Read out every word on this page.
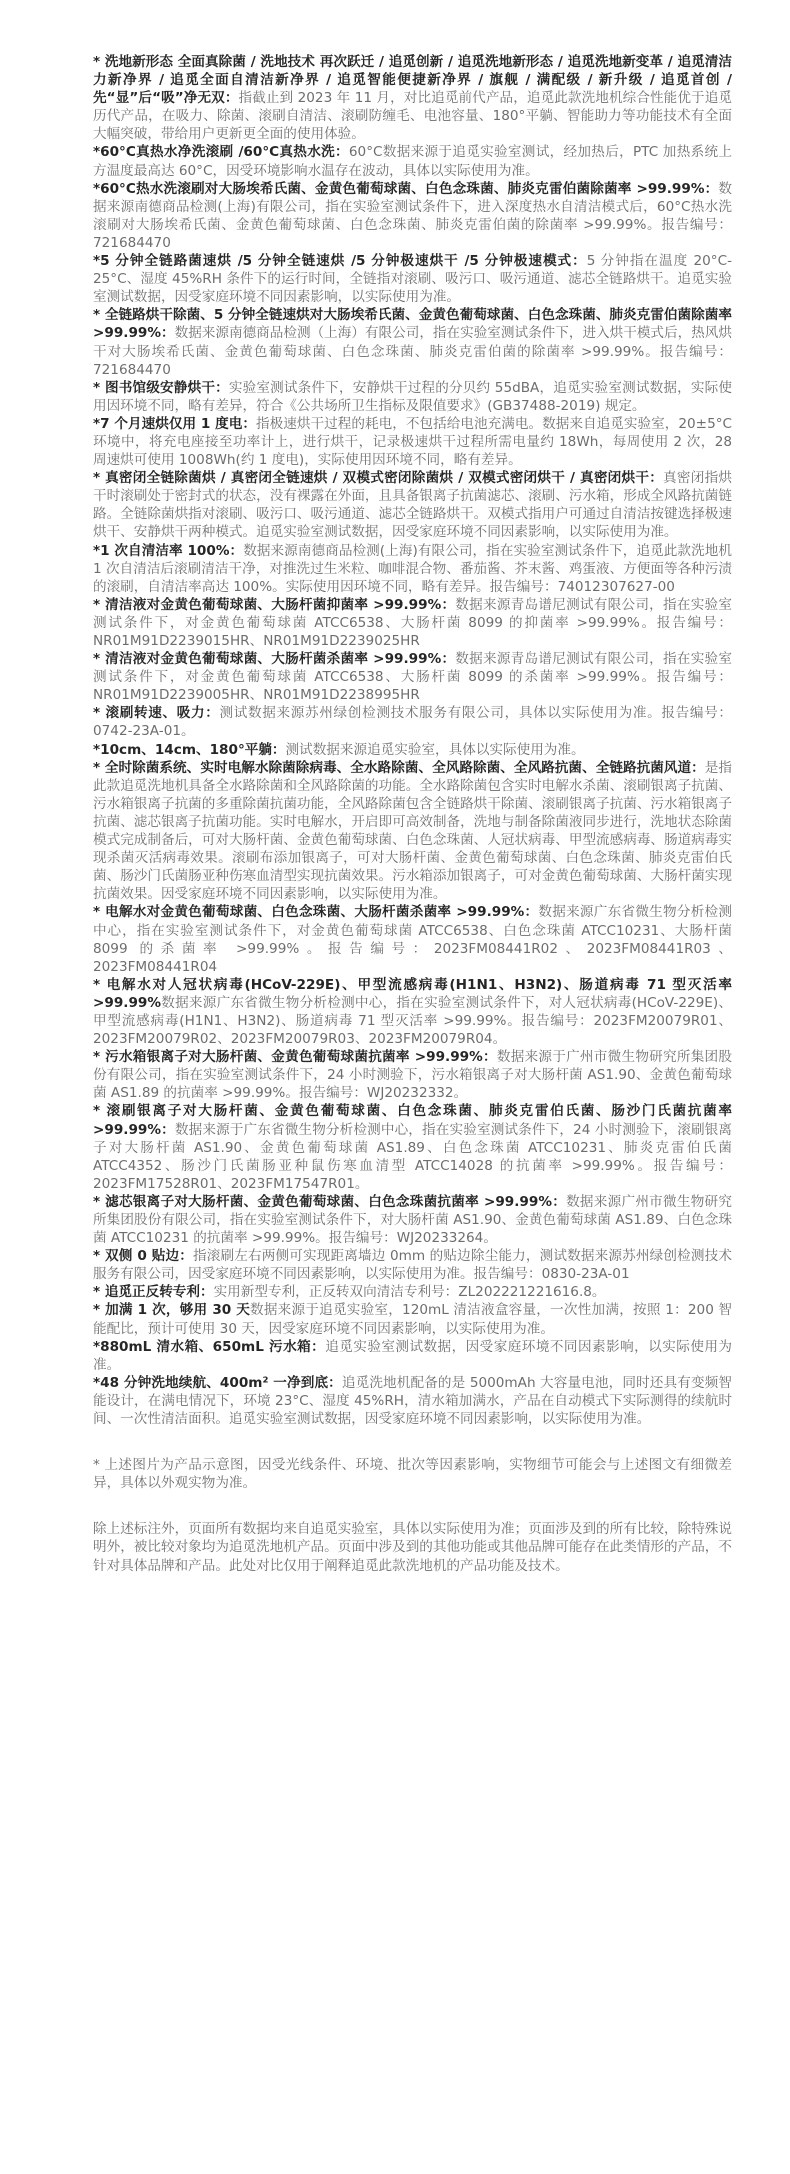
* 洗地新形态 全面真除菌 / 洗地技术 再次跃迁 / 追觅创新 / 追觅洗地新形态 / 追觅洗地新变革 / 追觅清洁力新净界 / 追觅全面自清洁新净界 / 追觅智能便捷新净界 / 旗舰 / 满配级 / 新升级 / 追觅首创 / 先“显”后“吸”净无双：指截止到 2023 年 11 月，对比追觅前代产品，追觅此款洗地机综合性能优于追觅历代产品，在吸力、除菌、滚刷自清洁、滚刷防缠毛、电池容量、180°平躺、智能助力等功能技术有全面大幅突破，带给用户更新更全面的使用体验。

*60°C真热水净洗滚刷 /60°C真热水洗：60°C数据来源于追觅实验室测试，经加热后，PTC 加热系统上方温度最高达 60°C，因受环境影响水温存在波动，具体以实际使用为准。

*60°C热水洗滚刷对大肠埃希氏菌、金黄色葡萄球菌、白色念珠菌、肺炎克雷伯菌除菌率 >99.99%：数据来源南德商品检测(上海)有限公司，指在实验室测试条件下，进入深度热水自清洁模式后，60°C热水洗滚刷对大肠埃希氏菌、金黄色葡萄球菌、白色念珠菌、肺炎克雷伯菌的除菌率 >99.99%。报告编号：721684470

*5 分钟全链路菌速烘 /5 分钟全链速烘 /5 分钟极速烘干 /5 分钟极速模式：5 分钟指在温度 20°C-25°C、湿度 45%RH 条件下的运行时间，全链指对滚刷、吸污口、吸污通道、滤芯全链路烘干。追觅实验室测试数据，因受家庭环境不同因素影响，以实际使用为准。

* 全链路烘干除菌、5 分钟全链速烘对大肠埃希氏菌、金黄色葡萄球菌、白色念珠菌、肺炎克雷伯菌除菌率 >99.99%：数据来源南德商品检测（上海）有限公司，指在实验室测试条件下，进入烘干模式后，热风烘干对大肠埃希氏菌、金黄色葡萄球菌、白色念珠菌、肺炎克雷伯菌的除菌率 >99.99%。报告编号：721684470

* 图书馆级安静烘干：实验室测试条件下，安静烘干过程的分贝约 55dBA，追觅实验室测试数据，实际使用因环境不同，略有差异，符合《公共场所卫生指标及限值要求》(GB37488-2019) 规定。

*7 个月速烘仅用 1 度电：指极速烘干过程的耗电，不包括给电池充满电。数据来自追觅实验室，20±5°C环境中，将充电座接至功率计上，进行烘干，记录极速烘干过程所需电量约 18Wh，每周使用 2 次，28 周速烘可使用 1008Wh(约 1 度电)，实际使用因环境不同，略有差异。

* 真密闭全链除菌烘 / 真密闭全链速烘 / 双模式密闭除菌烘 / 双模式密闭烘干 / 真密闭烘干：真密闭指烘干时滚刷处于密封式的状态，没有裸露在外面，且具备银离子抗菌滤芯、滚刷、污水箱，形成全风路抗菌链路。全链除菌烘指对滚刷、吸污口、吸污通道、滤芯全链路烘干。双模式指用户可通过自清洁按键选择极速烘干、安静烘干两种模式。追觅实验室测试数据，因受家庭环境不同因素影响，以实际使用为准。

*1 次自清洁率 100%：数据来源南德商品检测(上海)有限公司，指在实验室测试条件下，追觅此款洗地机 1 次自清洁后滚刷清洁干净，对推洗过生米粒、咖啡混合物、番茄酱、芥末酱、鸡蛋液、方便面等各种污渍的滚刷，自清洁率高达 100%。实际使用因环境不同，略有差异。报告编号：74012307627-00

* 清洁液对金黄色葡萄球菌、大肠杆菌抑菌率 >99.99%：数据来源青岛谱尼测试有限公司，指在实验室测试条件下，对金黄色葡萄球菌 ATCC6538、大肠杆菌 8099 的抑菌率 >99.99%。报告编号：NR01M91D2239015HR、NR01M91D2239025HR

* 清洁液对金黄色葡萄球菌、大肠杆菌杀菌率 >99.99%：数据来源青岛谱尼测试有限公司，指在实验室测试条件下，对金黄色葡萄球菌 ATCC6538、大肠杆菌 8099 的杀菌率 >99.99%。报告编号：NR01M91D2239005HR、NR01M91D2238995HR

* 滚刷转速、吸力：测试数据来源苏州绿创检测技术服务有限公司，具体以实际使用为准。报告编号：0742-23A-01。

*10cm、14cm、180°平躺：测试数据来源追觅实验室，具体以实际使用为准。

* 全时除菌系统、实时电解水除菌除病毒、全水路除菌、全风路除菌、全风路抗菌、全链路抗菌风道：是指此款追觅洗地机具备全水路除菌和全风路除菌的功能。全水路除菌包含实时电解水杀菌、滚刷银离子抗菌、污水箱银离子抗菌的多重除菌抗菌功能，全风路除菌包含全链路烘干除菌、滚刷银离子抗菌、污水箱银离子抗菌、滤芯银离子抗菌功能。实时电解水，开启即可高效制备，洗地与制备除菌液同步进行，洗地状态除菌模式完成制备后，可对大肠杆菌、金黄色葡萄球菌、白色念珠菌、人冠状病毒、甲型流感病毒、肠道病毒实现杀菌灭活病毒效果。滚刷布添加银离子，可对大肠杆菌、金黄色葡萄球菌、白色念珠菌、肺炎克雷伯氏菌、肠沙门氏菌肠亚种伤寒血清型实现抗菌效果。污水箱添加银离子，可对金黄色葡萄球菌、大肠杆菌实现抗菌效果。因受家庭环境不同因素影响，以实际使用为准。

* 电解水对金黄色葡萄球菌、白色念珠菌、大肠杆菌杀菌率 >99.99%：数据来源广东省微生物分析检测中心，指在实验室测试条件下，对金黄色葡萄球菌 ATCC6538、白色念珠菌 ATCC10231、大肠杆菌 8099 的杀菌率 >99.99%。报告编号：2023FM08441R02、2023FM08441R03、2023FM08441R04

* 电解水对人冠状病毒(HCoV-229E)、甲型流感病毒(H1N1、H3N2)、肠道病毒 71 型灭活率 >99.99%数据来源广东省微生物分析检测中心，指在实验室测试条件下，对人冠状病毒(HCoV-229E)、甲型流感病毒(H1N1、H3N2)、肠道病毒 71 型灭活率 >99.99%。报告编号：2023FM20079R01、2023FM20079R02、2023FM20079R03、2023FM20079R04。

* 污水箱银离子对大肠杆菌、金黄色葡萄球菌抗菌率 >99.99%：数据来源于广州市微生物研究所集团股份有限公司，指在实验室测试条件下，24 小时测验下，污水箱银离子对大肠杆菌 AS1.90、金黄色葡萄球菌 AS1.89 的抗菌率 >99.99%。报告编号：WJ20232332。

* 滚刷银离子对大肠杆菌、金黄色葡萄球菌、白色念珠菌、肺炎克雷伯氏菌、肠沙门氏菌抗菌率 >99.99%：数据来源于广东省微生物分析检测中心，指在实验室测试条件下，24 小时测验下，滚刷银离子对大肠杆菌 AS1.90、金黄色葡萄球菌 AS1.89、白色念珠菌 ATCC10231、肺炎克雷伯氏菌 ATCC4352、肠沙门氏菌肠亚种鼠伤寒血清型 ATCC14028 的抗菌率 >99.99%。报告编号：2023FM17528R01、2023FM17547R01。

* 滤芯银离子对大肠杆菌、金黄色葡萄球菌、白色念珠菌抗菌率 >99.99%：数据来源广州市微生物研究所集团股份有限公司，指在实验室测试条件下，对大肠杆菌 AS1.90、金黄色葡萄球菌 AS1.89、白色念珠菌 ATCC10231 的抗菌率 >99.99%。报告编号：WJ20233264。

* 双侧 0 贴边：指滚刷左右两侧可实现距离墙边 0mm 的贴边除尘能力，测试数据来源苏州绿创检测技术服务有限公司，因受家庭环境不同因素影响，以实际使用为准。报告编号：0830-23A-01

* 追觅正反转专利：实用新型专利，正反转双向清洁专利号：ZL202221221616.8。

* 加满 1 次，够用 30 天数据来源于追觅实验室，120mL 清洁液盒容量，一次性加满，按照 1：200 智能配比，预计可使用 30 天，因受家庭环境不同因素影响，以实际使用为准。

*880mL 清水箱、650mL 污水箱：追觅实验室测试数据，因受家庭环境不同因素影响，以实际使用为准。

*48 分钟洗地续航、400m² 一净到底：追觅洗地机配备的是 5000mAh 大容量电池，同时还具有变频智能设计，在满电情况下，环境 23°C、湿度 45%RH，清水箱加满水，产品在自动模式下实际测得的续航时间、一次性清洁面积。追觅实验室测试数据，因受家庭环境不同因素影响，以实际使用为准。

* 上述图片为产品示意图，因受光线条件、环境、批次等因素影响，实物细节可能会与上述图文有细微差异，具体以外观实物为准。
除上述标注外，页面所有数据均来自追觅实验室，具体以实际使用为准；页面涉及到的所有比较，除特殊说明外，被比较对象均为追觅洗地机产品。页面中涉及到的其他功能或其他品牌可能存在此类情形的产品，不针对具体品牌和产品。此处对比仅用于阐释追觅此款洗地机的产品功能及技术。
